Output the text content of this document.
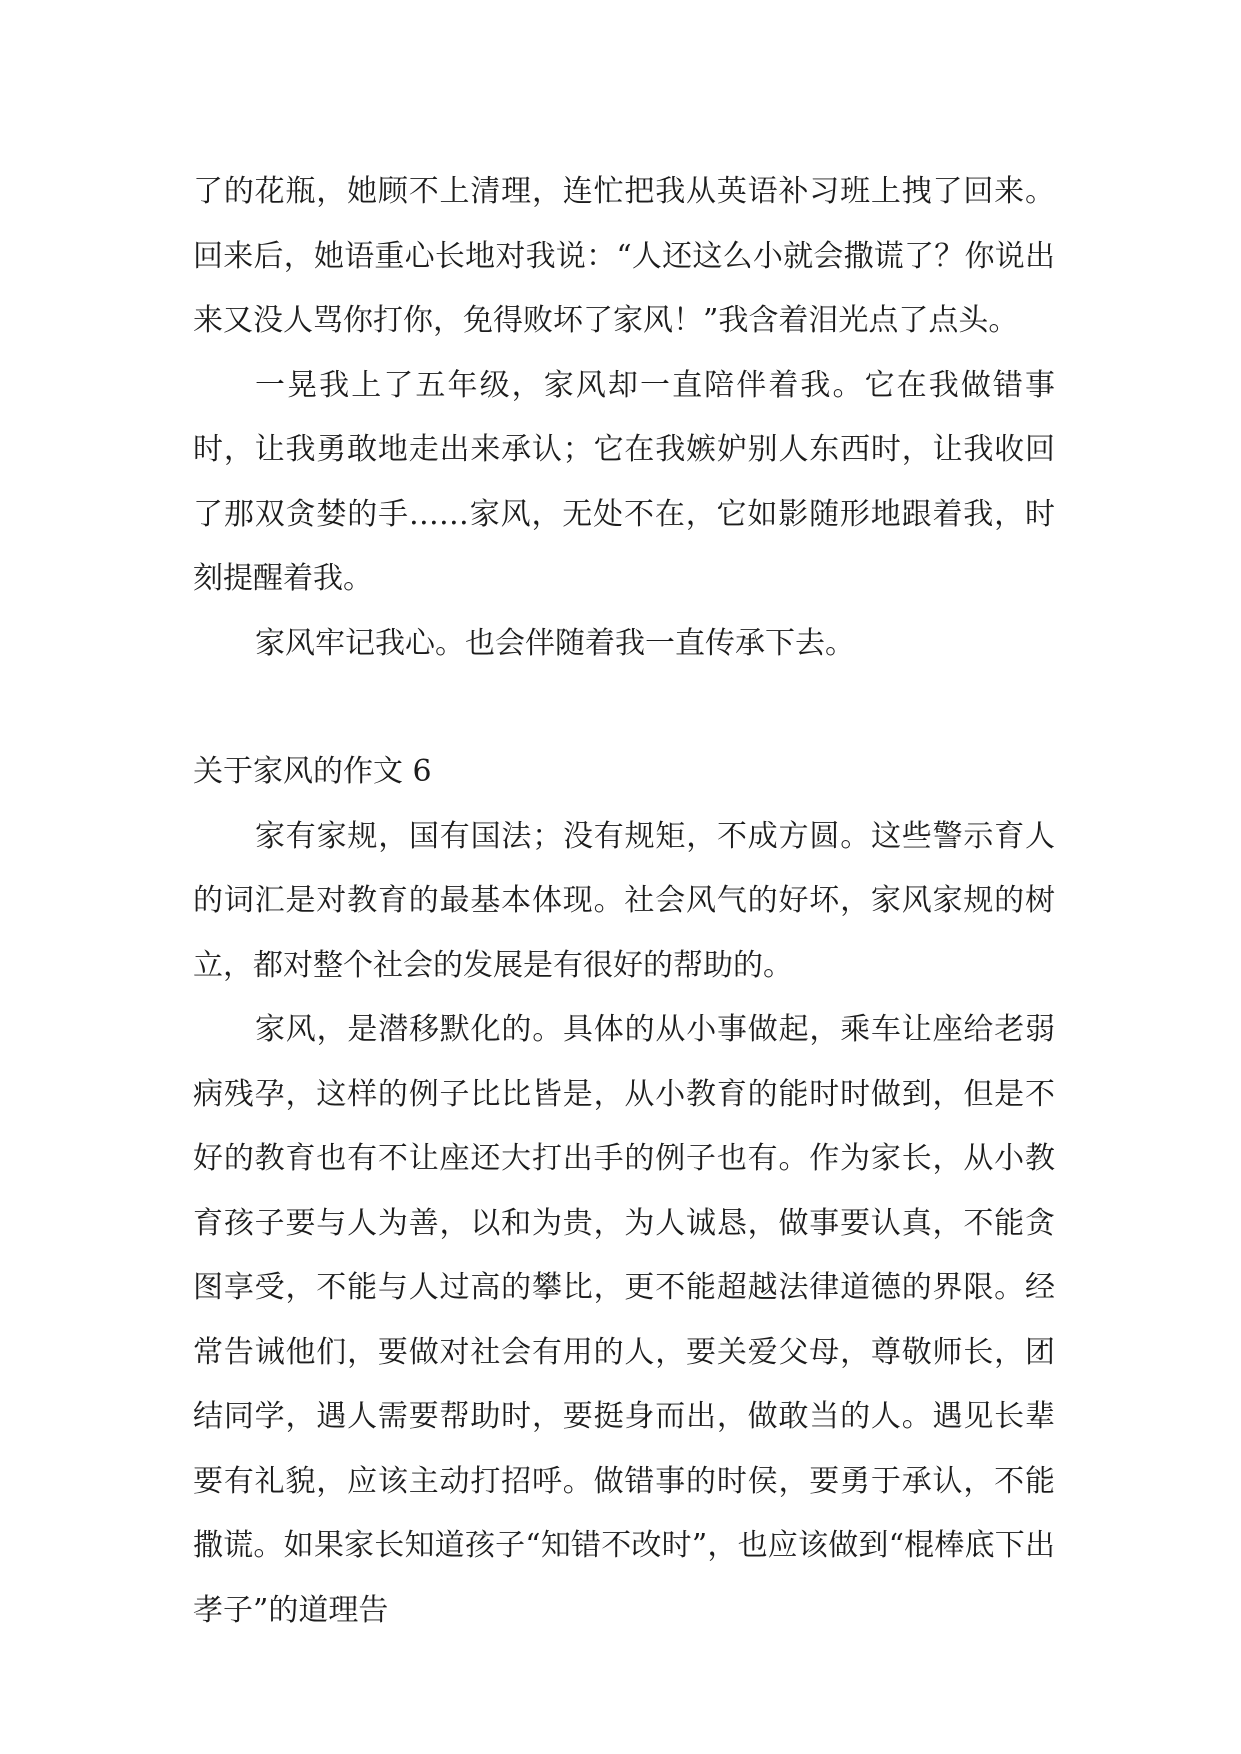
了的花瓶，她顾不上清理，连忙把我从英语补习班上拽了回来。回来后，她语重心长地对我说：“人还这么小就会撒谎了？你说出来又没人骂你打你，免得败坏了家风！”我含着泪光点了点头。

一晃我上了五年级，家风却一直陪伴着我。它在我做错事时，让我勇敢地走出来承认；它在我嫉妒别人东西时，让我收回了那双贪婪的手……家风，无处不在，它如影随形地跟着我，时刻提醒着我。

家风牢记我心。也会伴随着我一直传承下去。

关于家风的作文 6

家有家规，国有国法；没有规矩，不成方圆。这些警示育人的词汇是对教育的最基本体现。社会风气的好坏，家风家规的树立，都对整个社会的发展是有很好的帮助的。

家风，是潜移默化的。具体的从小事做起，乘车让座给老弱病残孕，这样的例子比比皆是，从小教育的能时时做到，但是不好的教育也有不让座还大打出手的例子也有。作为家长，从小教育孩子要与人为善，以和为贵，为人诚恳，做事要认真，不能贪图享受，不能与人过高的攀比，更不能超越法律道德的界限。经常告诫他们，要做对社会有用的人，要关爱父母，尊敬师长，团结同学，遇人需要帮助时，要挺身而出，做敢当的人。遇见长辈要有礼貌，应该主动打招呼。做错事的时侯，要勇于承认，不能撒谎。如果家长知道孩子“知错不改时”，也应该做到“棍棒底下出孝子”的道理告
